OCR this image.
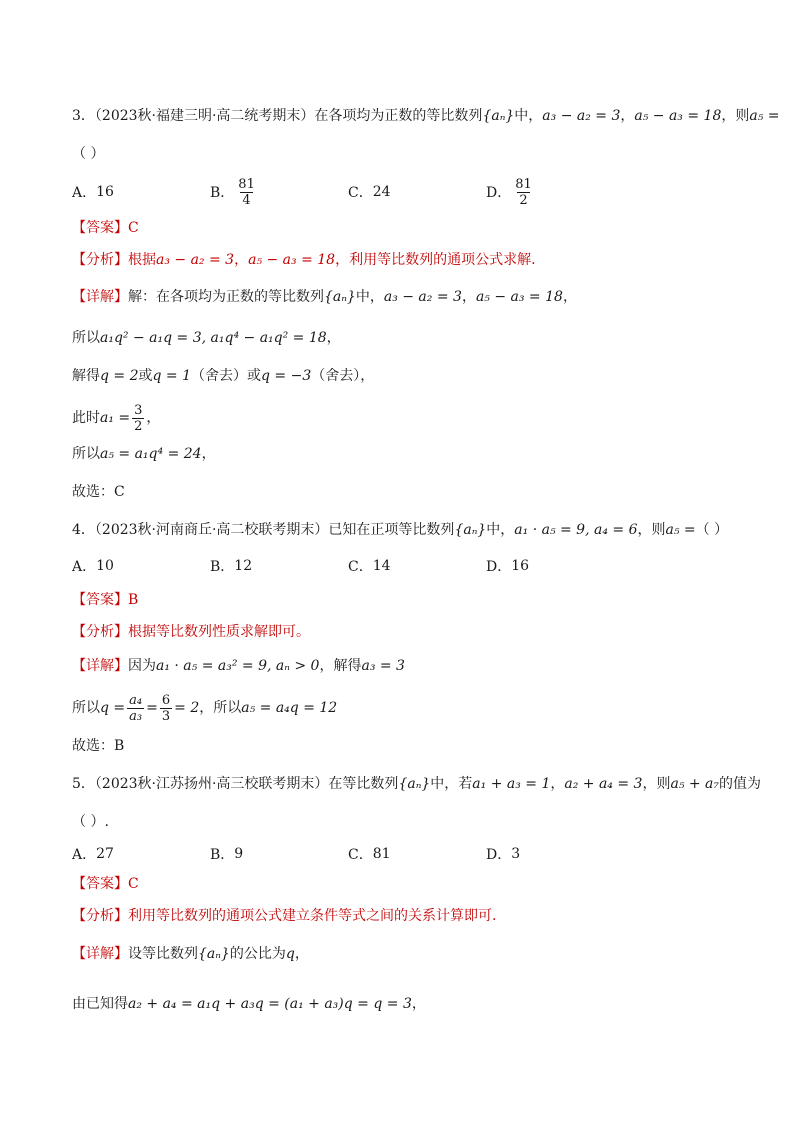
3．（2023秋·福建三明·高二统考期末）在各项均为正数的等比数列{aₙ}中，a₃ − a₂ = 3，a₅ − a₃ = 18，则a₅ =
（ ）
A． 16	B． $\frac{81}{4}$	C． 24	D． $\frac{81}{2}$
【答案】C
【分析】根据a₃ − a₂ = 3，a₅ − a₃ = 18，利用等比数列的通项公式求解.
【详解】解：在各项均为正数的等比数列{aₙ}中，a₃ − a₂ = 3，a₅ − a₃ = 18，
所以a₁q² − a₁q = 3, a₁q⁴ − a₁q² = 18，
解得q = 2或q = 1（舍去）或q = −3（舍去），
此时 $a_1 = \frac{3}{2}$ ，
所以a₅ = a₁q⁴ = 24，
故选：C
4．（2023秋·河南商丘·高二校联考期末）已知在正项等比数列{aₙ}中，a₁ · a₅ = 9, a₄ = 6，则a₅ =（ ）
A． 10	B． 12	C． 14	D． 16
【答案】B
【分析】根据等比数列性质求解即可。
【详解】因为a₁ · a₅ = a₃² = 9, aₙ > 0，解得a₃ = 3
所以 $q = \frac{\text{a₄}}{\text{a₃}} = \frac{6}{3} = 2$ ，所以 a₅ = a₄q = 12
故选：B
5．（2023秋·江苏扬州·高三校联考期末）在等比数列{aₙ}中，若a₁ + a₃ = 1，a₂ + a₄ = 3，则a₅ + a₇的值为
（ ）.
A． 27	B． 9	C． 81	D． 3
【答案】C
【分析】利用等比数列的通项公式建立条件等式之间的关系计算即可.
【详解】设等比数列{aₙ}的公比为q，
由已知得a₂ + a₄ = a₁q + a₃q = (a₁ + a₃)q = q = 3，
